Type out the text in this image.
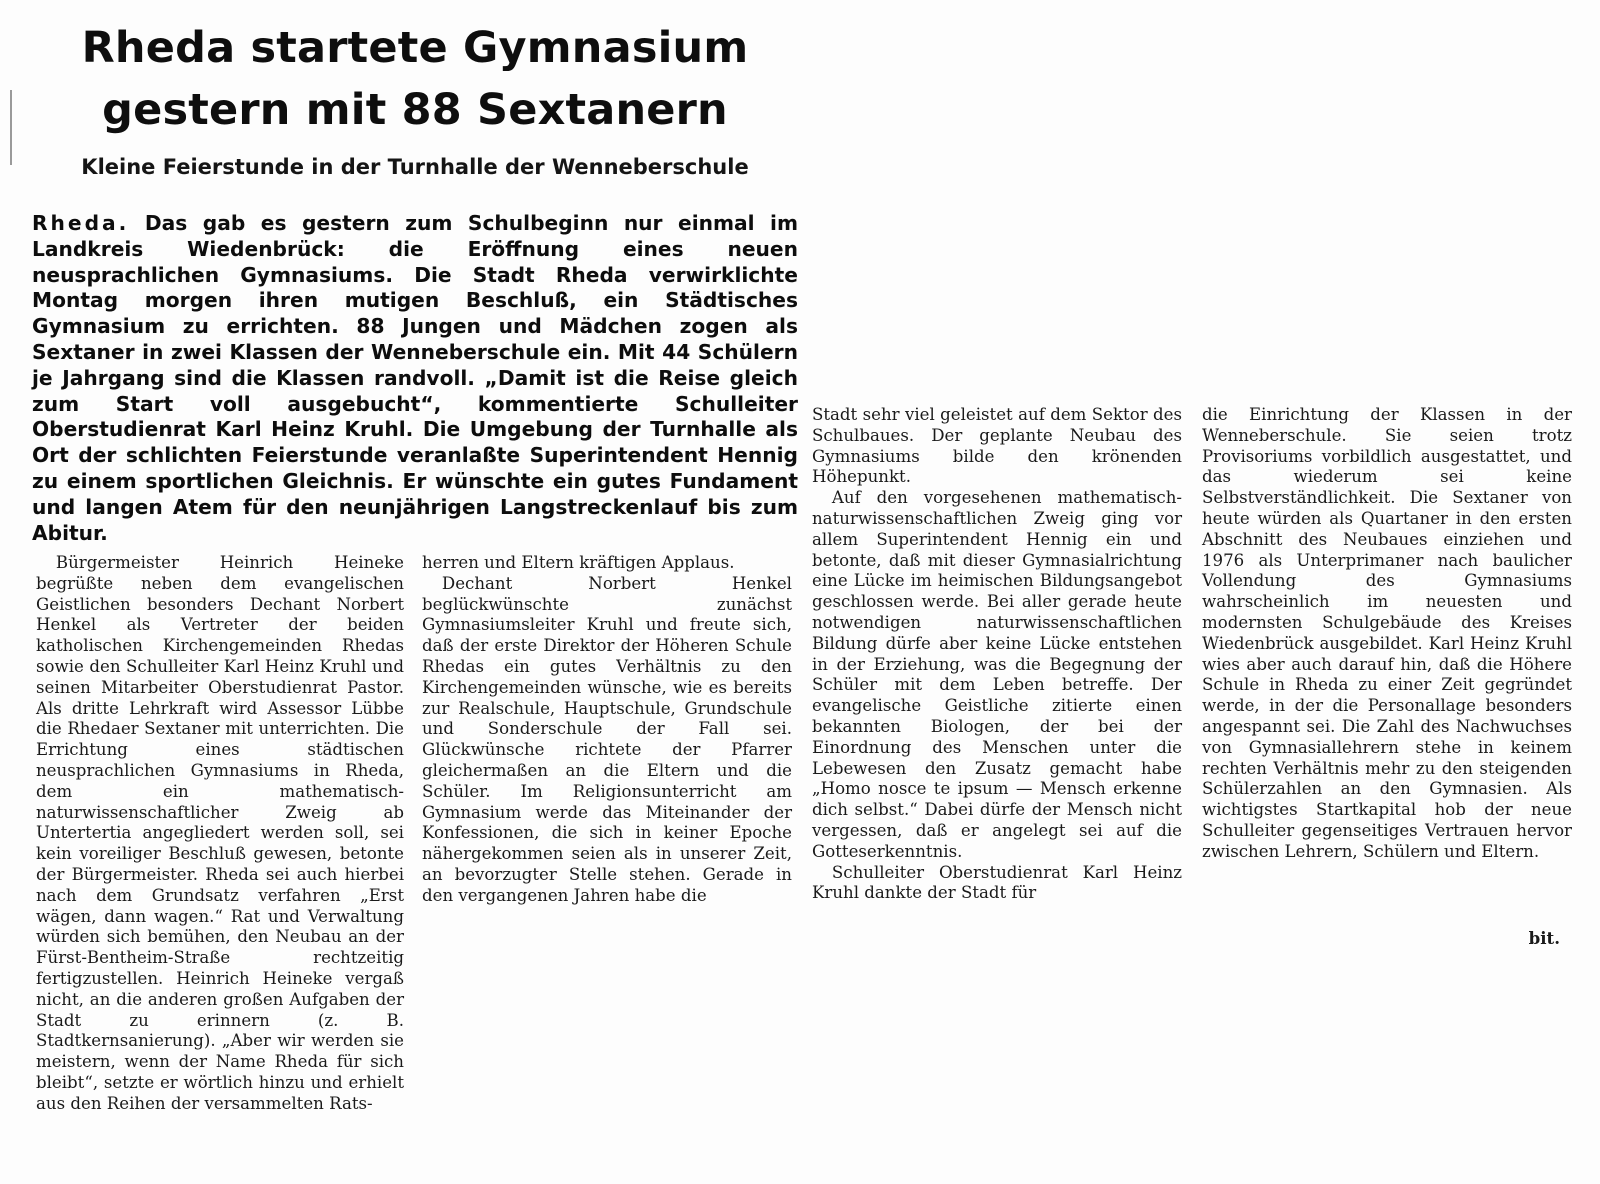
Rheda startete Gymnasium
gestern mit 88 Sextanern
Kleine Feierstunde in der Turnhalle der Wenneberschule
Rheda. Das gab es gestern zum Schulbeginn nur einmal im Landkreis Wiedenbrück: die Eröffnung eines neuen neusprachlichen Gymnasiums. Die Stadt Rheda verwirklichte Montag morgen ihren mutigen Beschluß, ein Städtisches Gymnasium zu errichten. 88 Jungen und Mädchen zogen als Sextaner in zwei Klassen der Wenneberschule ein. Mit 44 Schülern je Jahrgang sind die Klassen randvoll. „Damit ist die Reise gleich zum Start voll ausgebucht“, kommentierte Schulleiter Oberstudienrat Karl Heinz Kruhl. Die Umgebung der Turnhalle als Ort der schlichten Feierstunde veranlaßte Superintendent Hennig zu einem sportlichen Gleichnis. Er wünschte ein gutes Fundament und langen Atem für den neunjährigen Langstreckenlauf bis zum Abitur.

Bürgermeister Heinrich Heineke begrüßte neben dem evangelischen Geistlichen besonders Dechant Norbert Henkel als Vertreter der beiden katholischen Kirchengemeinden Rhedas sowie den Schulleiter Karl Heinz Kruhl und seinen Mitarbeiter Oberstudienrat Pastor. Als dritte Lehrkraft wird Assessor Lübbe die Rhedaer Sextaner mit unterrichten. Die Errichtung eines städtischen neusprachlichen Gymnasiums in Rheda, dem ein mathematisch-naturwissenschaftlicher Zweig ab Untertertia angegliedert werden soll, sei kein voreiliger Beschluß gewesen, betonte der Bürgermeister. Rheda sei auch hierbei nach dem Grundsatz verfahren „Erst wägen, dann wagen.“ Rat und Verwaltung würden sich bemühen, den Neubau an der Fürst-Bentheim-Straße rechtzeitig fertigzustellen. Heinrich Heineke vergaß nicht, an die anderen großen Aufgaben der Stadt zu erinnern (z. B. Stadtkernsanierung). „Aber wir werden sie meistern, wenn der Name Rheda für sich bleibt“, setzte er wörtlich hinzu und erhielt aus den Reihen der versammelten Rats-

herren und Eltern kräftigen Applaus.

Dechant Norbert Henkel beglückwünschte zunächst Gymnasiumsleiter Kruhl und freute sich, daß der erste Direktor der Höheren Schule Rhedas ein gutes Verhältnis zu den Kirchengemeinden wünsche, wie es bereits zur Realschule, Hauptschule, Grundschule und Sonderschule der Fall sei. Glückwünsche richtete der Pfarrer gleichermaßen an die Eltern und die Schüler. Im Religionsunterricht am Gymnasium werde das Miteinander der Konfessionen, die sich in keiner Epoche nähergekommen seien als in unserer Zeit, an bevorzugter Stelle stehen. Gerade in den vergangenen Jahren habe die

Stadt sehr viel geleistet auf dem Sektor des Schulbaues. Der geplante Neubau des Gymnasiums bilde den krönenden Höhepunkt.

Auf den vorgesehenen mathematisch-naturwissenschaftlichen Zweig ging vor allem Superintendent Hennig ein und betonte, daß mit dieser Gymnasialrichtung eine Lücke im heimischen Bildungsangebot geschlossen werde. Bei aller gerade heute notwendigen naturwissenschaftlichen Bildung dürfe aber keine Lücke entstehen in der Erziehung, was die Begegnung der Schüler mit dem Leben betreffe. Der evangelische Geistliche zitierte einen bekannten Biologen, der bei der Einordnung des Menschen unter die Lebewesen den Zusatz gemacht habe „Homo nosce te ipsum — Mensch erkenne dich selbst.“ Dabei dürfe der Mensch nicht vergessen, daß er angelegt sei auf die Gotteserkenntnis.

Schulleiter Oberstudienrat Karl Heinz Kruhl dankte der Stadt für

die Einrichtung der Klassen in der Wenneberschule. Sie seien trotz Provisoriums vorbildlich ausgestattet, und das wiederum sei keine Selbstverständlichkeit. Die Sextaner von heute würden als Quartaner in den ersten Abschnitt des Neubaues einziehen und 1976 als Unterprimaner nach baulicher Vollendung des Gymnasiums wahrscheinlich im neuesten und modernsten Schulgebäude des Kreises Wiedenbrück ausgebildet. Karl Heinz Kruhl wies aber auch darauf hin, daß die Höhere Schule in Rheda zu einer Zeit gegründet werde, in der die Personallage besonders angespannt sei. Die Zahl des Nachwuchses von Gymnasiallehrern stehe in keinem rechten Verhältnis mehr zu den steigenden Schülerzahlen an den Gymnasien. Als wichtigstes Startkapital hob der neue Schulleiter gegenseitiges Vertrauen hervor zwischen Lehrern, Schülern und Eltern.

bit.
